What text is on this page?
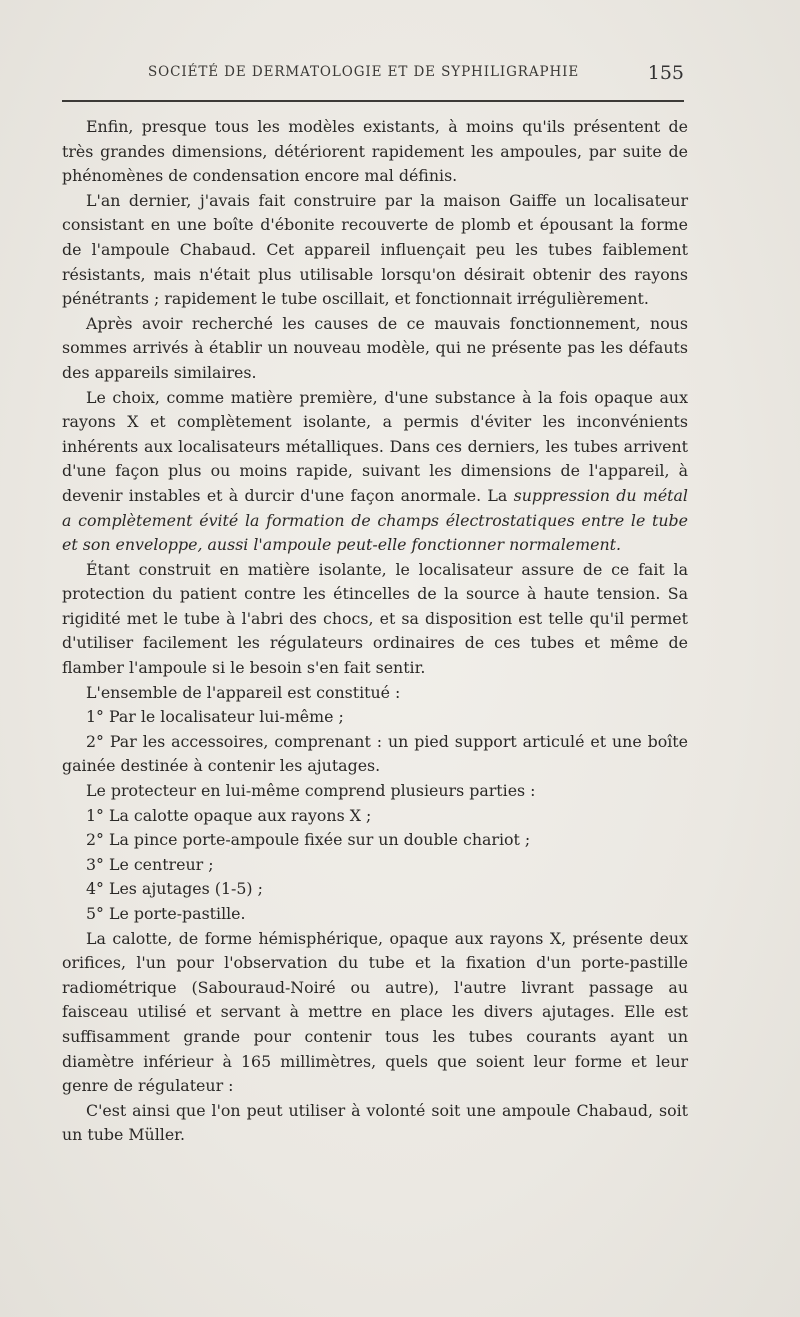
SOCIÉTÉ DE DERMATOLOGIE ET DE SYPHILIGRAPHIE	155

Enfin, presque tous les modèles existants, à moins qu'ils présentent de très grandes dimensions, détériorent rapidement les ampoules, par suite de phénomènes de condensation encore mal définis.

L'an dernier, j'avais fait construire par la maison Gaiffe un localisateur consistant en une boîte d'ébonite recouverte de plomb et épousant la forme de l'ampoule Chabaud. Cet appareil influençait peu les tubes faiblement résistants, mais n'était plus utilisable lorsqu'on désirait obtenir des rayons pénétrants ; rapidement le tube oscillait, et fonctionnait irrégulièrement.

Après avoir recherché les causes de ce mauvais fonctionnement, nous sommes arrivés à établir un nouveau modèle, qui ne présente pas les défauts des appareils similaires.

Le choix, comme matière première, d'une substance à la fois opaque aux rayons X et complètement isolante, a permis d'éviter les inconvénients inhérents aux localisateurs métalliques. Dans ces derniers, les tubes arrivent d'une façon plus ou moins rapide, suivant les dimensions de l'appareil, à devenir instables et à durcir d'une façon anormale. La suppression du métal a complètement évité la formation de champs électrostatiques entre le tube et son enveloppe, aussi l'ampoule peut-elle fonctionner normalement.

Étant construit en matière isolante, le localisateur assure de ce fait la protection du patient contre les étincelles de la source à haute tension. Sa rigidité met le tube à l'abri des chocs, et sa disposition est telle qu'il permet d'utiliser facilement les régulateurs ordinaires de ces tubes et même de flamber l'ampoule si le besoin s'en fait sentir.

L'ensemble de l'appareil est constitué :

1° Par le localisateur lui-même ;

2° Par les accessoires, comprenant : un pied support articulé et une boîte gainée destinée à contenir les ajutages.

Le protecteur en lui-même comprend plusieurs parties :

1° La calotte opaque aux rayons X ;

2° La pince porte-ampoule fixée sur un double chariot ;

3° Le centreur ;

4° Les ajutages (1-5) ;

5° Le porte-pastille.

La calotte, de forme hémisphérique, opaque aux rayons X, présente deux orifices, l'un pour l'observation du tube et la fixation d'un porte-pastille radiométrique (Sabouraud-Noiré ou autre), l'autre livrant passage au faisceau utilisé et servant à mettre en place les divers ajutages. Elle est suffisamment grande pour contenir tous les tubes courants ayant un diamètre inférieur à 165 millimètres, quels que soient leur forme et leur genre de régulateur :

C'est ainsi que l'on peut utiliser à volonté soit une ampoule Chabaud, soit un tube Müller.
